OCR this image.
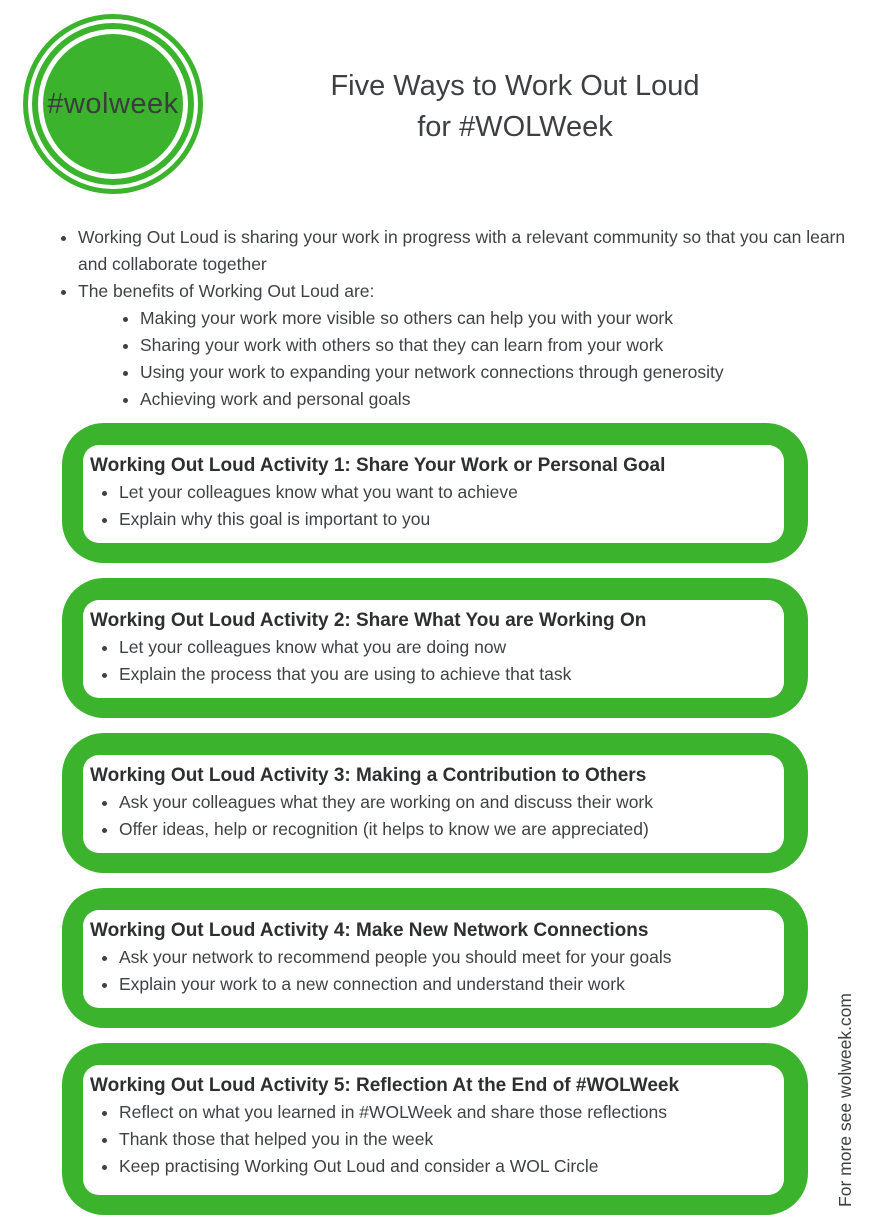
#wolweek
Five Ways to Work Out Loud
for #WOLWeek
• Working Out Loud is sharing your work in progress with a relevant community so that you can learn and collaborate together
• The benefits of Working Out Loud are:
• Making your work more visible so others can help you with your work
• Sharing your work with others so that they can learn from your work
• Using your work to expanding your network connections through generosity
• Achieving work and personal goals
Working Out Loud Activity 1: Share Your Work or Personal Goal
• Let your colleagues know what you want to achieve
• Explain why this goal is important to you
Working Out Loud Activity 2: Share What You are Working On
• Let your colleagues know what you are doing now
• Explain the process that you are using to achieve that task
Working Out Loud Activity 3: Making a Contribution to Others
• Ask your colleagues what they are working on and discuss their work
• Offer ideas, help or recognition (it helps to know we are appreciated)
Working Out Loud Activity 4: Make New Network Connections
• Ask your network to recommend people you should meet for your goals
• Explain your work to a new connection and understand their work
Working Out Loud Activity 5: Reflection At the End of #WOLWeek
• Reflect on what you learned in #WOLWeek and share those reflections
• Thank those that helped you in the week
• Keep practising Working Out Loud and consider a WOL Circle	For more see wolweek.com
